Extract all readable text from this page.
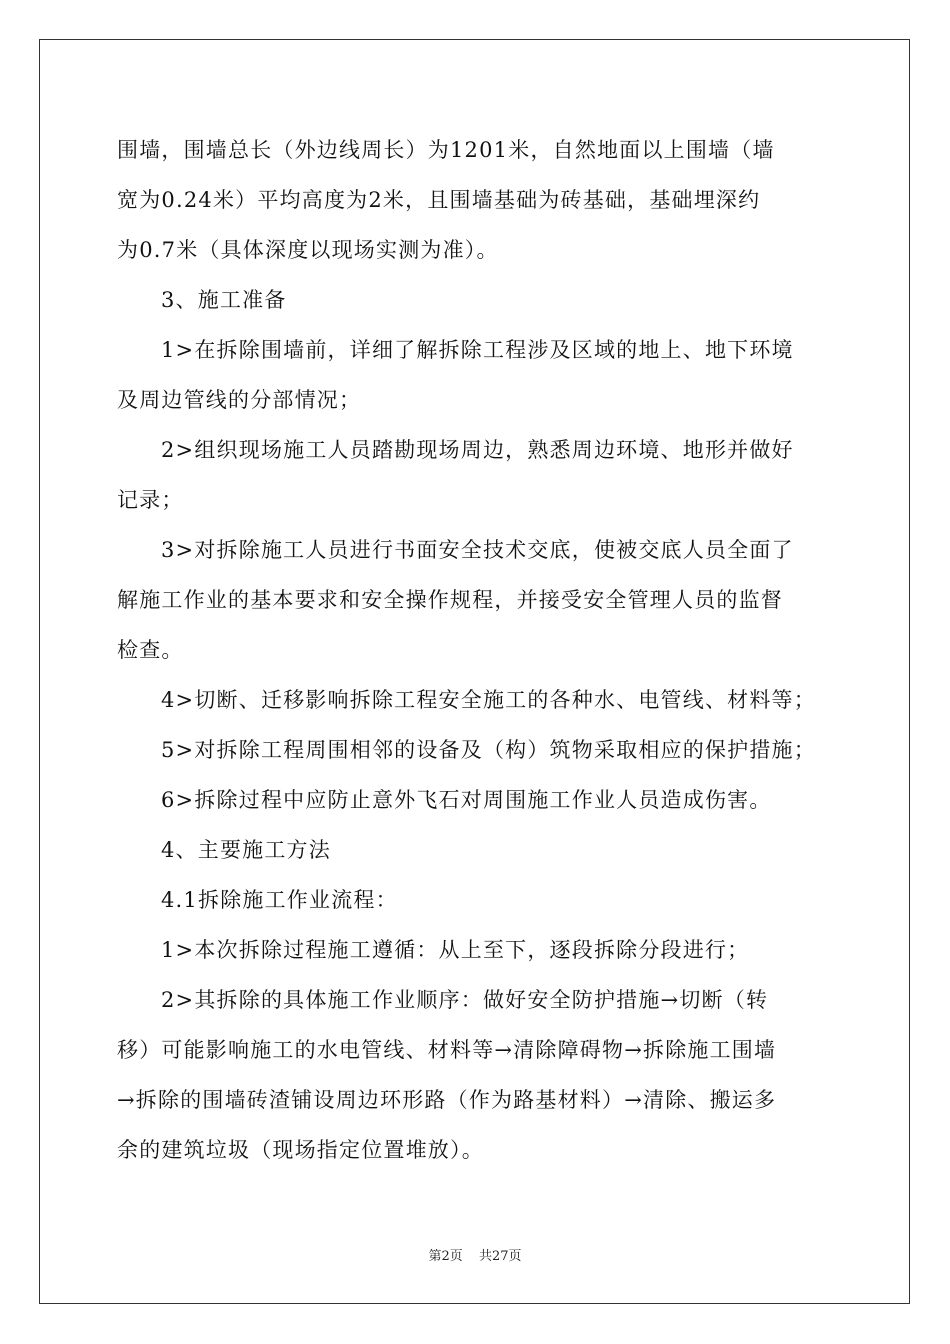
围墙，围墙总长（外边线周长）为1201米，自然地面以上围墙（墙
宽为0.24米）平均高度为2米，且围墙基础为砖基础，基础埋深约
为0.7米（具体深度以现场实测为准）。
3、施工准备
1>在拆除围墙前，详细了解拆除工程涉及区域的地上、地下环境
及周边管线的分部情况；
2>组织现场施工人员踏勘现场周边，熟悉周边环境、地形并做好
记录；
3>对拆除施工人员进行书面安全技术交底，使被交底人员全面了
解施工作业的基本要求和安全操作规程，并接受安全管理人员的监督
检查。
4>切断、迁移影响拆除工程安全施工的各种水、电管线、材料等；
5>对拆除工程周围相邻的设备及（构）筑物采取相应的保护措施；
6>拆除过程中应防止意外飞石对周围施工作业人员造成伤害。
4、主要施工方法
4.1拆除施工作业流程：
1>本次拆除过程施工遵循：从上至下，逐段拆除分段进行；
2>其拆除的具体施工作业顺序：做好安全防护措施→切断（转
移）可能影响施工的水电管线、材料等→清除障碍物→拆除施工围墙
→拆除的围墙砖渣铺设周边环形路（作为路基材料）→清除、搬运多
余的建筑垃圾（现场指定位置堆放）。
第2页 共27页
